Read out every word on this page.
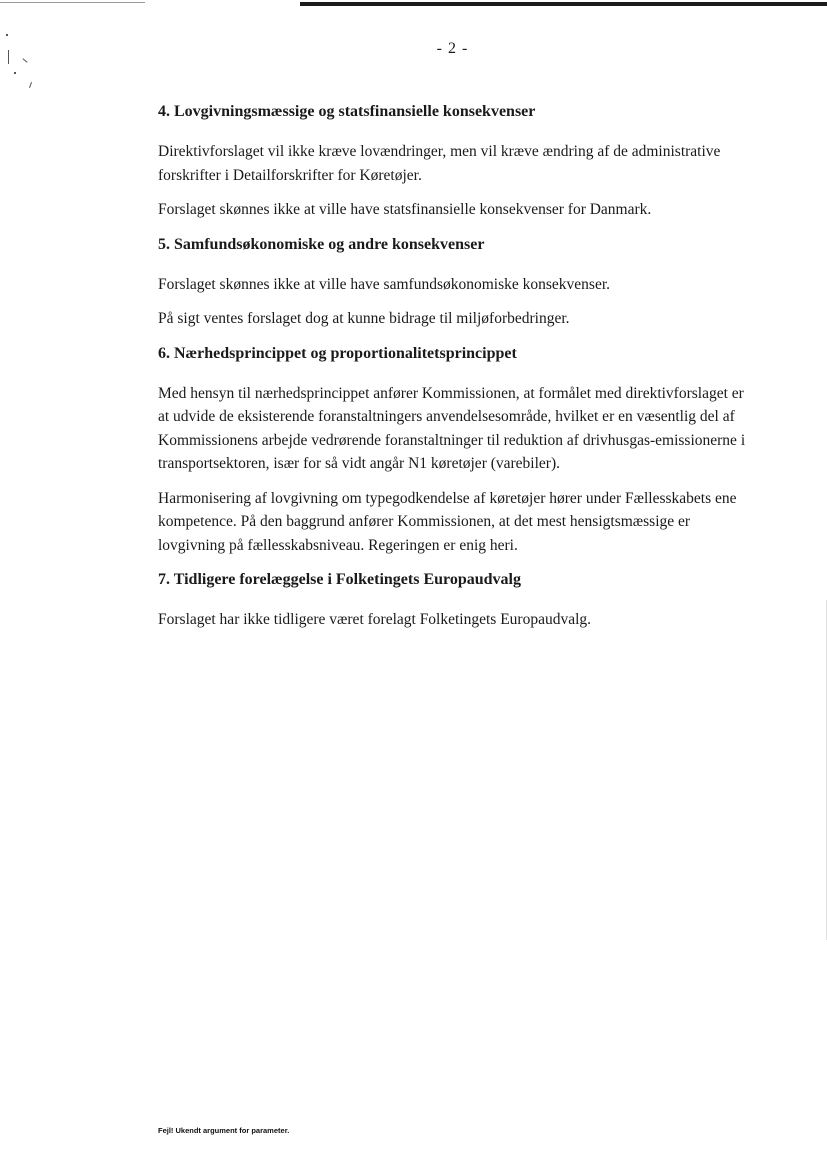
- 2 -
4. Lovgivningsmæssige og statsfinansielle konsekvenser

Direktivforslaget vil ikke kræve lovændringer, men vil kræve ændring af de administrative forskrifter i Detailforskrifter for Køretøjer.

Forslaget skønnes ikke at ville have statsfinansielle konsekvenser for Danmark.

5. Samfundsøkonomiske og andre konsekvenser

Forslaget skønnes ikke at ville have samfundsøkonomiske konsekvenser.

På sigt ventes forslaget dog at kunne bidrage til miljøforbedringer.

6. Nærhedsprincippet og proportionalitetsprincippet

Med hensyn til nærhedsprincippet anfører Kommissionen, at formålet med direktivforslaget er at udvide de eksisterende foranstaltningers anvendelsesområde, hvilket er en væsentlig del af Kommissionens arbejde vedrørende foranstaltninger til reduktion af drivhusgas-emissionerne i transportsektoren, især for så vidt angår N1 køretøjer (varebiler).

Harmonisering af lovgivning om typegodkendelse af køretøjer hører under Fællesskabets ene kompetence. På den baggrund anfører Kommissionen, at det mest hensigtsmæssige er lovgivning på fællesskabsniveau. Regeringen er enig heri.

7. Tidligere forelæggelse i Folketingets Europaudvalg

Forslaget har ikke tidligere været forelagt Folketingets Europaudvalg.

Fejl! Ukendt argument for parameter.
